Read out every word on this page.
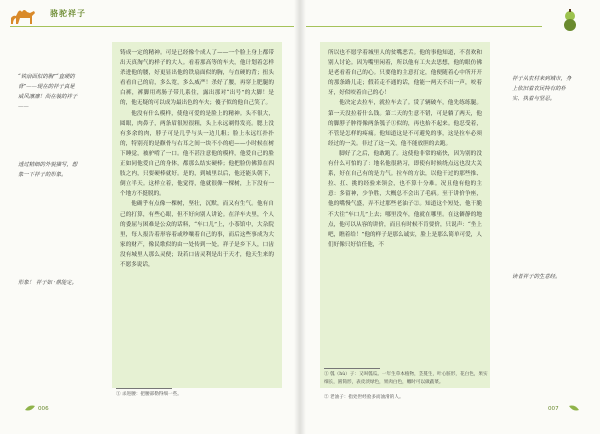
骆驼祥子
“铁扇面似的胸”“直硬的背”——现在的祥子真是威风凛凛！尚在装的祥子——
透过精细的外貌描写，想象一下祥子的形象。
形象！ 祥子如 ·鼎能定。

铸成一定的精神。可是已经像个成人了——一个脸上身上都带出天真淘气的样子的大人。看着那高等的车夫，他计划着怎样杀进他的腰，好更显出他的铁扇面似的胸，与直硬的背；扭头看看自己的肩，多么宽，多么威严！杀好了腰，再穿上肥腿的白裤，裤脚用鸡肠子带儿系住，露出那对“出号”的大脚！是的，他无疑的可以成为最出色的车夫；傻子似的他自己笑了。

他没有什么模样，使他可爱的是脸上的精神。头不很大，圆眼，肉鼻子，两条眉很短很粗，头上永远剃得发亮。腮上没有多余的肉，脖子可是几乎与头一边儿粗；脸上永远红扑扑的，特别亮的是颧骨与右耳之间一块不小的疤——小时候在树下睡觉，被驴啃了一口。他不甚注意他的模样，他爱自己的脸正如同他爱自己的身体，都那么结实硬棒；他把脸仿佛算在四肢之内，只要硬棒就好。是的，到城里以后，他还能头朝下，倒立半天。这样立着，他觉得，他就很像一棵树，上下没有一个地方不挺脱的。

他确乎有点像一棵树，坚壮，沉默，而又有生气。他有自己的打算，有些心眼，但不好向别人讲论。在洋车夫里，个人的委屈与困难是公众的话料，“车口儿”上，小茶馆中，大杂院里，每人报告着形容着或吵嚷着自己的事，而后这些事成为大家的财产，像民歌似的由一处传到一处。祥子是乡下人，口齿没有城里人那么灵便；设若口齿灵利是出于天才，他天生来的不愿多说话，

① 杀进腰：把腰部勒得细一些。
006

所以也不愿学着城里人的贫嘴恶舌。他的事他知道，不喜欢和别人讨论。因为嘴里闲着，所以他有工夫去思想，他的眼仿佛是老看着自己的心。只要他的主意打定，他便随着心中所开开的那条路儿走；假若走不通的话，他能一两天不出一声，咬着牙，好似咬着自己的心！

他决定去拉车，就拉车去了。赁了辆破车，他先练练腿。第一天没拉着什么钱。第二天的生意不错，可是躺了两天，他的脚脖子肿得像两条瓠子①似的，再也抬不起来。他忍受着，不管是怎样的疼痛。他知道这是不可避免的事，这是拉车必须经过的一关。非过了这一关，他不能放胆的去跑。

脚好了之后，他敢跑了。这使他非常的痛快，因为别的没有什么可怕的了：地名他很熟习，即使有时候绕点远也没大关系，好在自己有的是力气。拉车的方法，以他干过的那些推、拉、扛、挑的经验来领会，也不算十分难。况且他有他的主意：多留神，少争胜，大概总不会出了毛病。至于讲价争座，他的嘴慢气盛，弄不过那些老油子②。知道这个短处，他干脆不大往“车口儿”上去；哪里没车，他就在哪里。在这僻静的地点，他可以从容的讲价，而且有时候不肯要价，只说声：“坐上吧，瞧着给！”他的样子是那么诚实，脸上是那么简单可爱，人们好像只好信任他，不

祥子从农村来到城市，身上依旧着农民特有的朴实、执着与坚忍。
读者祥子的生意经。
① 瓠（hù）子：又叫瓠瓜。一年生草本植物，茎蔓生，叶心脏形，花白色，果实细长，圆筒形，表皮淡绿色，果肉白色，嫩时可以做蔬菜。
② 老油子：指处世经验多而油滑的人。
007
